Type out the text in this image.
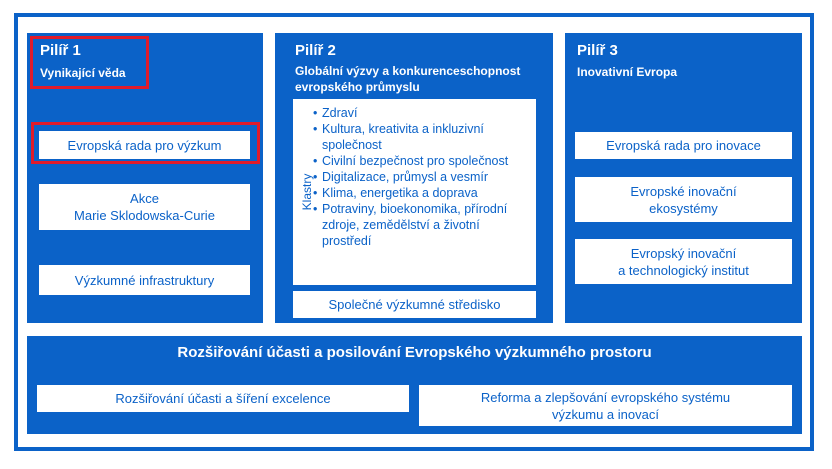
Pilíř 1
Vynikající věda
Evropská rada pro výzkum
Akce
Marie Sklodowska-Curie
Výzkumné infrastruktury
Pilíř 2
Globální výzvy a konkurenceschopnost
evropského průmyslu
Klastry
• Zdraví
• Kultura, kreativita a inkluzivní společnost
• Civilní bezpečnost pro společnost
• Digitalizace, průmysl a vesmír
• Klima, energetika a doprava
• Potraviny, bioekonomika, přírodní zdroje, zemědělství a životní prostředí
Společné výzkumné středisko
Pilíř 3
Inovativní Evropa
Evropská rada pro inovace
Evropské inovační
ekosystémy
Evropský inovační
a technologický institut
Rozšiřování účasti a posilování Evropského výzkumného prostoru
Rozšiřování účasti a šíření excelence	Reforma a zlepšování evropského systému
výzkumu a inovací
